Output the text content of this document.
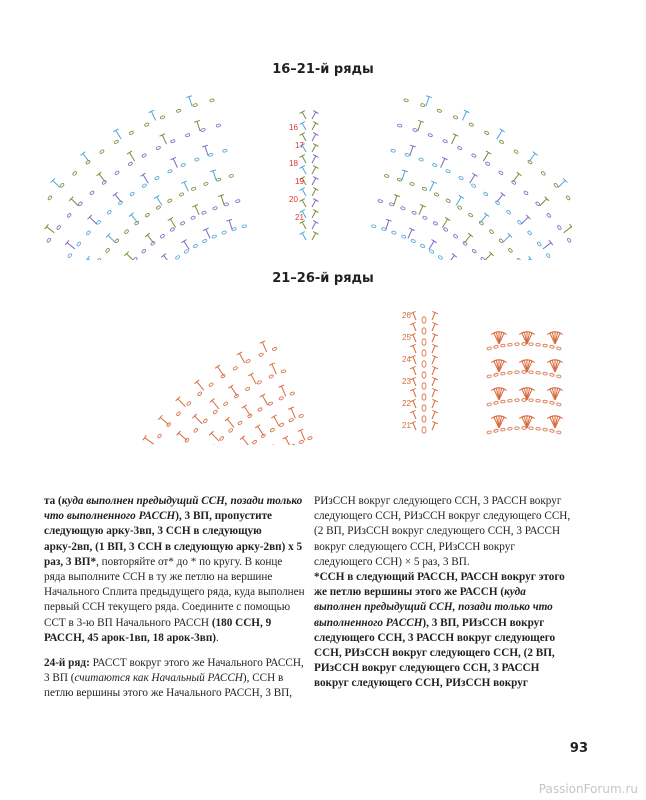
16–21-й ряды
16
17
18
19
20
21
21–26-й ряды
21
22
23
24
25
26

та (куда выполнен предыдущий ССН, позади только что выполненного РАССН), 3 ВП, пропустите следующую арку-3вп, 3 ССН в следующую арку-2вп, (1 ВП, 3 ССН в следующую арку-2вп) х 5 раз, 3 ВП*, повторяйте от* до * по кругу. В конце ряда выполните ССН в ту же петлю на вершине Начального Сплита предыдущего ряда, куда выполнен первый ССН текущего ряда. Соедините с помощью ССТ в 3-ю ВП Начального РАССН (180 ССН, 9 РАССН, 45 арок-1вп, 18 арок-3вп).

24-й ряд: РАССТ вокруг этого же Начального РАССН, 3 ВП (считаются как Начальный РАССН), ССН в петлю вершины этого же Начального РАССН, 3 ВП,

РИзССН вокруг следующего ССН, 3 РАССН вокруг следующего ССН, РИзССН вокруг следующего ССН, (2 ВП, РИзССН вокруг следующего ССН, 3 РАССН вокруг следующего ССН, РИзССН вокруг следующего ССН) × 5 раз, 3 ВП.

*ССН в следующий РАССН, РАССН вокруг этого же петлю вершины этого же РАССН (куда выполнен предыдущий ССН, позади только что выполненного РАССН), 3 ВП, РИзССН вокруг следующего ССН, 3 РАССН вокруг следующего ССН, РИзССН вокруг следующего ССН, (2 ВП, РИзССН вокруг следующего ССН, 3 РАССН вокруг следующего ССН, РИзССН вокруг

93
PassionForum.ru
